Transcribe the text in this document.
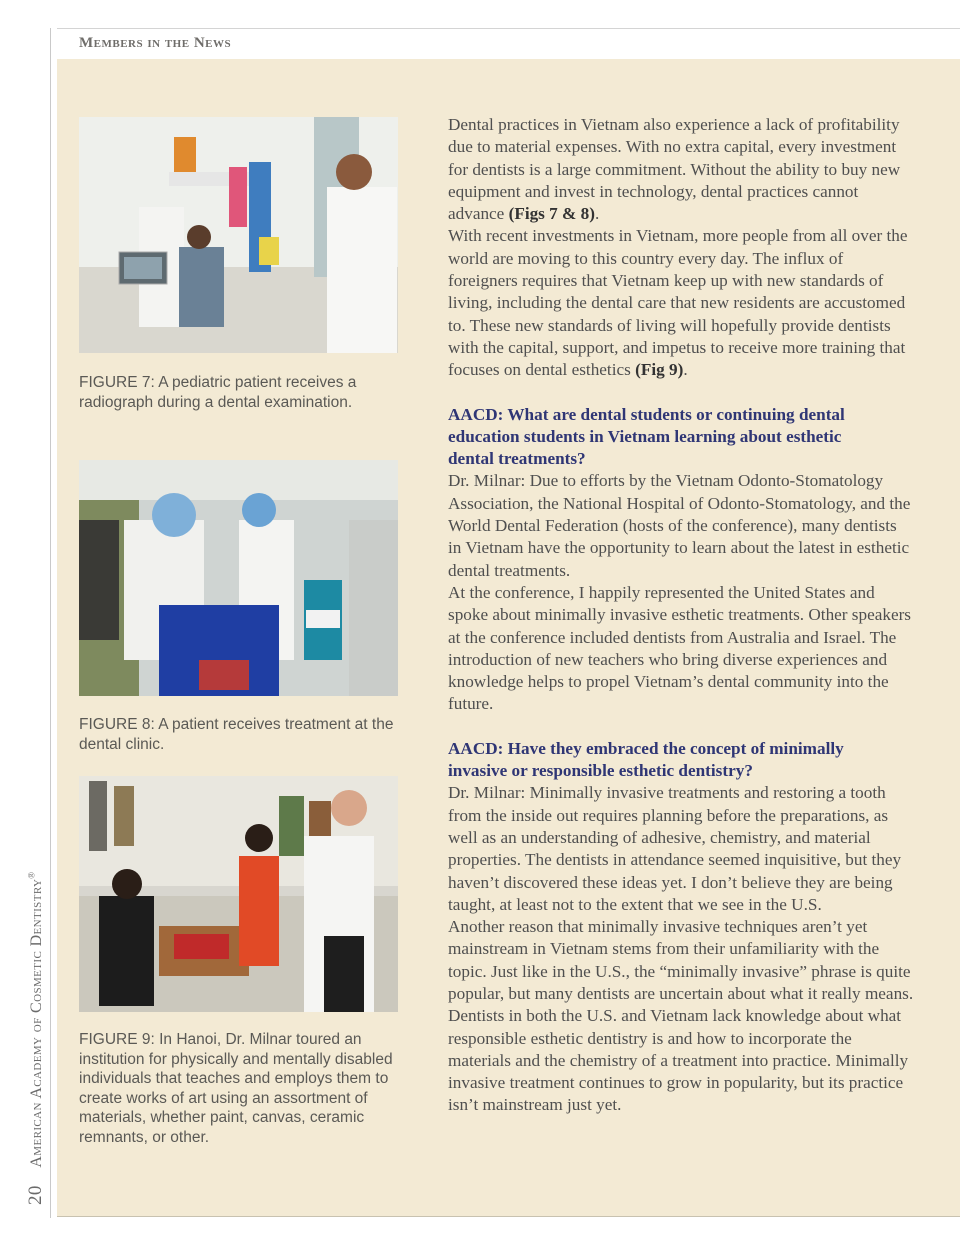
Members in the News
20 American Academy of Cosmetic Dentistry®
FIGURE 7: A pediatric patient receives a radiograph during a dental examination.
FIGURE 8: A patient receives treatment at the dental clinic.
FIGURE 9: In Hanoi, Dr. Milnar toured an institution for physically and mentally disabled individuals that teaches and employs them to create works of art using an assortment of materials, whether paint, canvas, ceramic remnants, or other.

Dental practices in Vietnam also experience a lack of profitability due to material expenses. With no extra capital, every investment for dentists is a large commitment. Without the ability to buy new equipment and invest in technology, dental practices cannot advance (Figs 7 & 8).

With recent investments in Vietnam, more people from all over the world are moving to this country every day. The influx of foreigners requires that Vietnam keep up with new standards of living, including the dental care that new residents are accustomed to. These new standards of living will hopefully provide dentists with the capital, support, and impetus to receive more training that focuses on dental esthetics (Fig 9).

AACD: What are dental students or continuing dental education students in Vietnam learning about esthetic dental treatments?

Dr. Milnar: Due to efforts by the Vietnam Odonto-Stomatology Association, the National Hospital of Odonto-Stomatology, and the World Dental Federation (hosts of the conference), many dentists in Vietnam have the opportunity to learn about the latest in esthetic dental treatments.

At the conference, I happily represented the United States and spoke about minimally invasive esthetic treatments. Other speakers at the conference included dentists from Australia and Israel. The introduction of new teachers who bring diverse experiences and knowledge helps to propel Vietnam’s dental community into the future.

AACD: Have they embraced the concept of minimally invasive or responsible esthetic dentistry?

Dr. Milnar: Minimally invasive treatments and restoring a tooth from the inside out requires planning before the preparations, as well as an understanding of adhesive, chemistry, and material properties. The dentists in attendance seemed inquisitive, but they haven’t discovered these ideas yet. I don’t believe they are being taught, at least not to the extent that we see in the U.S.

Another reason that minimally invasive techniques aren’t yet mainstream in Vietnam stems from their unfamiliarity with the topic. Just like in the U.S., the “minimally invasive” phrase is quite popular, but many dentists are uncertain about what it really means. Dentists in both the U.S. and Vietnam lack knowledge about what responsible esthetic dentistry is and how to incorporate the materials and the chemistry of a treatment into practice. Minimally invasive treatment continues to grow in popularity, but its practice isn’t mainstream just yet.
